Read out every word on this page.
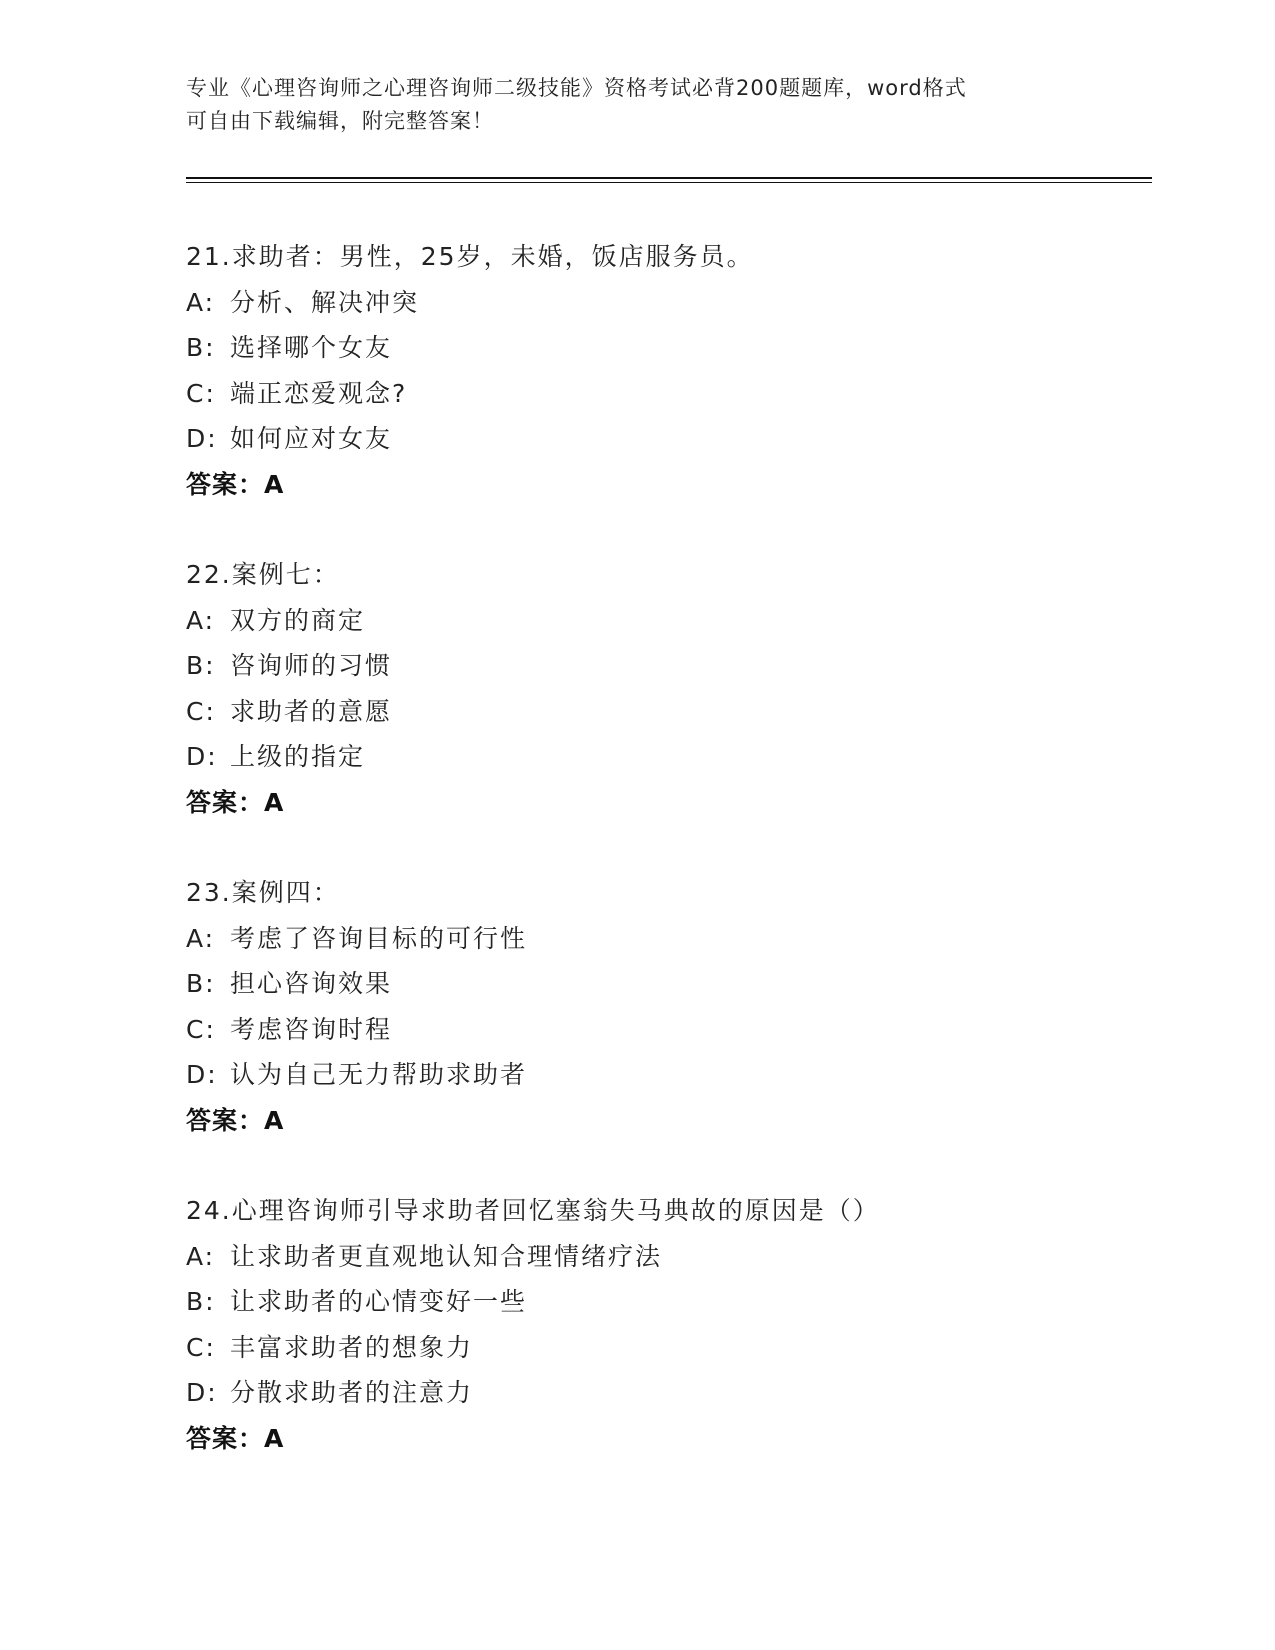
专业《心理咨询师之心理咨询师二级技能》资格考试必背200题题库，word格式
可自由下载编辑，附完整答案！
21.求助者：男性，25岁，未婚，饭店服务员。
A: 分析、解决冲突
B: 选择哪个女友
C: 端正恋爱观念?
D: 如何应对女友
答案：A
22.案例七：
A: 双方的商定
B: 咨询师的习惯
C: 求助者的意愿
D: 上级的指定
答案：A
23.案例四：
A: 考虑了咨询目标的可行性
B: 担心咨询效果
C: 考虑咨询时程
D: 认为自己无力帮助求助者
答案：A
24.心理咨询师引导求助者回忆塞翁失马典故的原因是（）
A: 让求助者更直观地认知合理情绪疗法
B: 让求助者的心情变好一些
C: 丰富求助者的想象力
D: 分散求助者的注意力
答案：A
